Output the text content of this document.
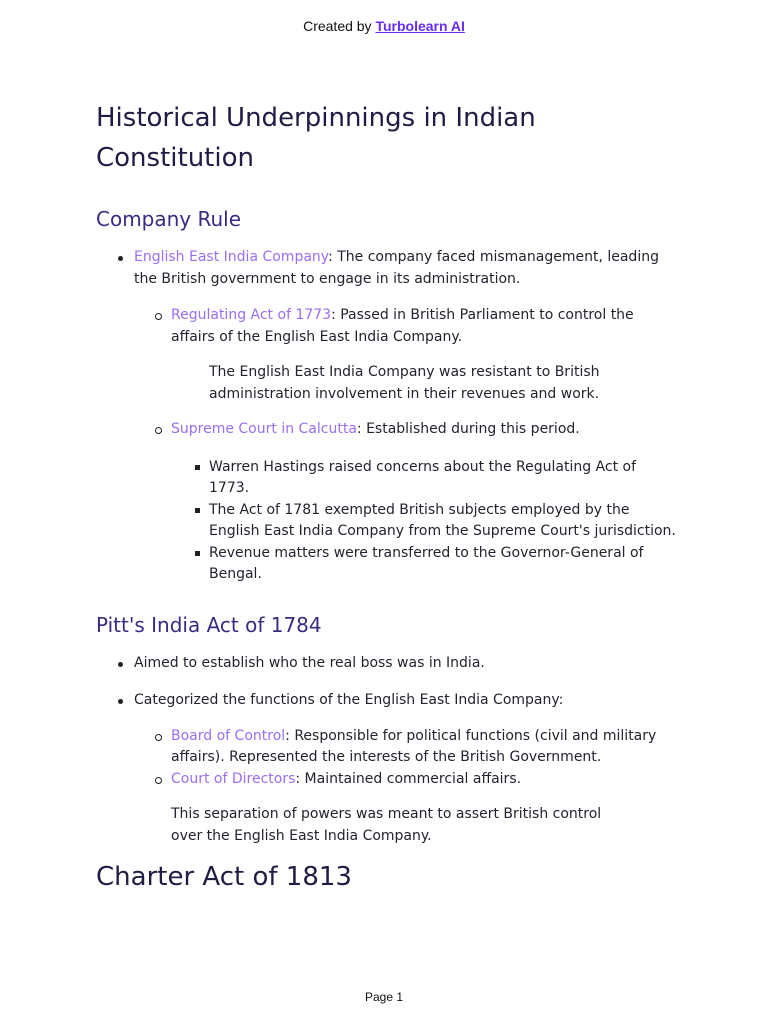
Created by Turbolearn AI
Historical Underpinnings in Indian Constitution
Company Rule
English East India Company: The company faced mismanagement, leading the British government to engage in its administration.
Regulating Act of 1773: Passed in British Parliament to control the affairs of the English East India Company.

The English East India Company was resistant to British administration involvement in their revenues and work.

Supreme Court in Calcutta: Established during this period.
Warren Hastings raised concerns about the Regulating Act of 1773.
The Act of 1781 exempted British subjects employed by the English East India Company from the Supreme Court's jurisdiction.
Revenue matters were transferred to the Governor-General of Bengal.
Pitt's India Act of 1784
Aimed to establish who the real boss was in India.
Categorized the functions of the English East India Company:
Board of Control: Responsible for political functions (civil and military affairs). Represented the interests of the British Government.
Court of Directors: Maintained commercial affairs.

This separation of powers was meant to assert British control over the English East India Company.

Charter Act of 1813
Page 1
